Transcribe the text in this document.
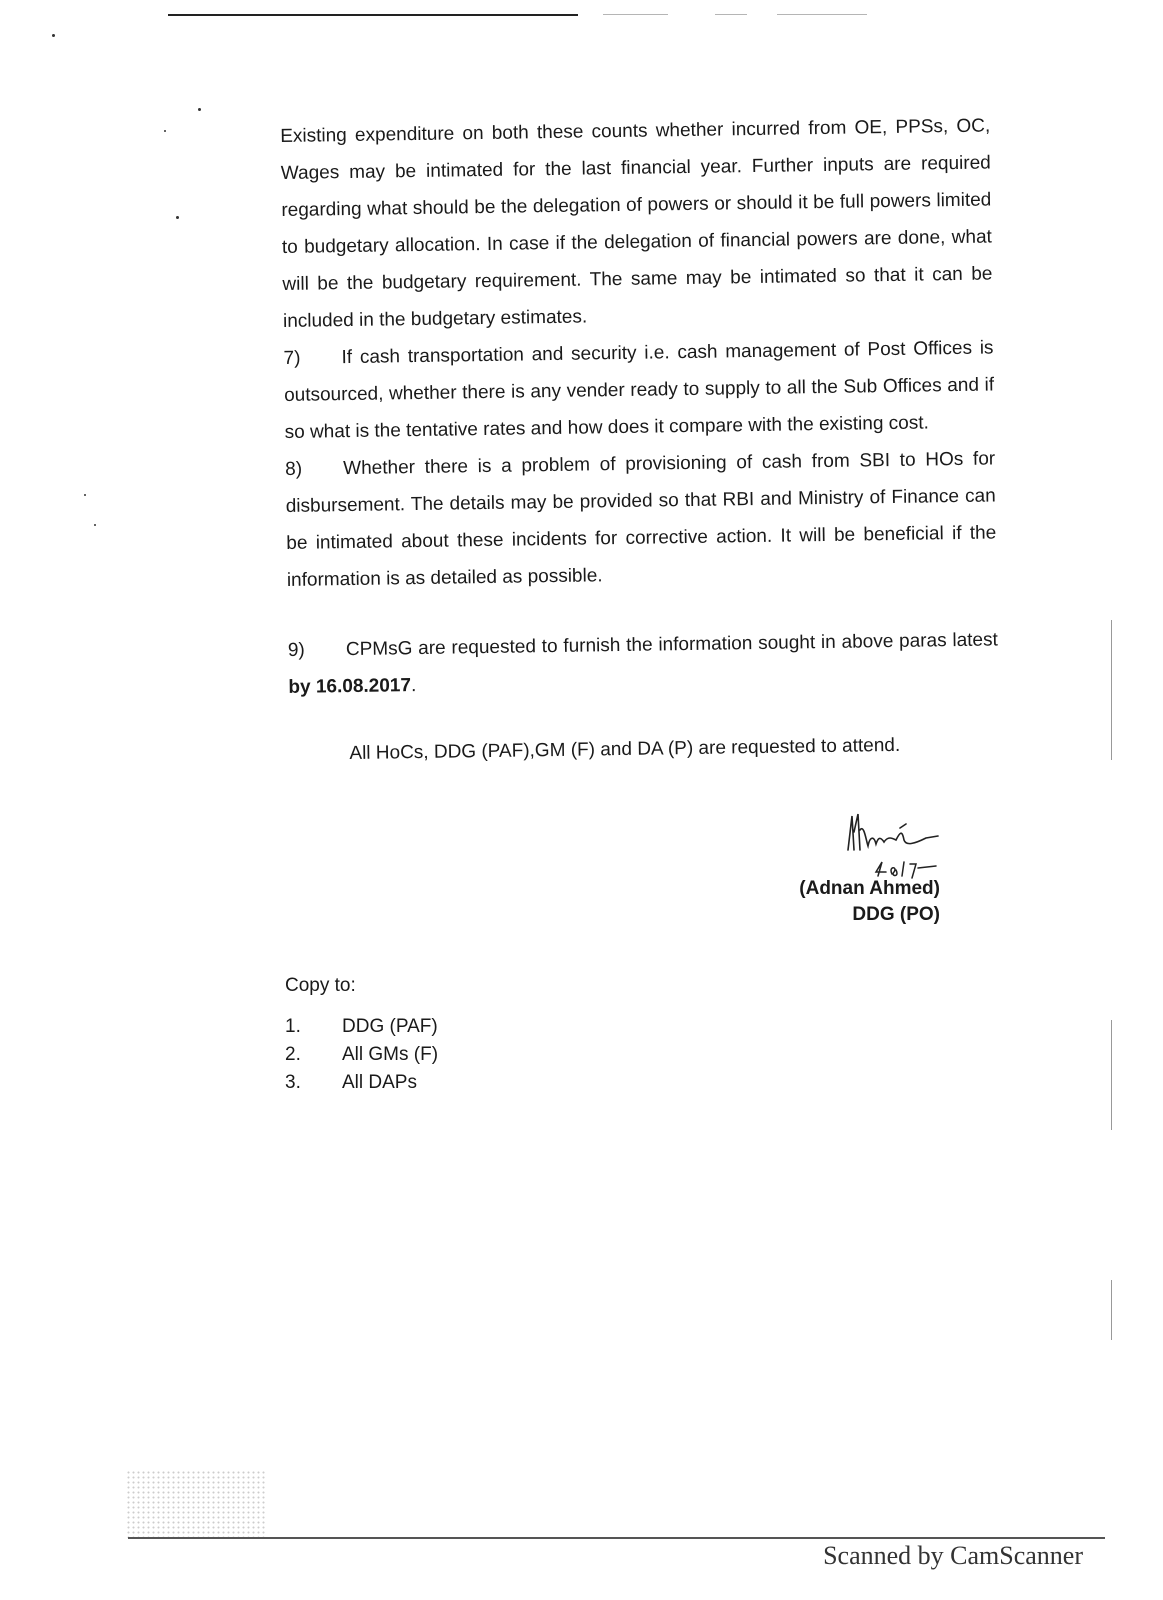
Existing expenditure on both these counts whether incurred from OE, PPSs, OC, Wages may be intimated for the last financial year. Further inputs are required regarding what should be the delegation of powers or should it be full powers limited to budgetary allocation. In case if the delegation of financial powers are done, what will be the budgetary requirement. The same may be intimated so that it can be included in the budgetary estimates.

7) If cash transportation and security i.e. cash management of Post Offices is outsourced, whether there is any vender ready to supply to all the Sub Offices and if so what is the tentative rates and how does it compare with the existing cost.

8) Whether there is a problem of provisioning of cash from SBI to HOs for disbursement. The details may be provided so that RBI and Ministry of Finance can be intimated about these incidents for corrective action. It will be beneficial if the information is as detailed as possible.

9) CPMsG are requested to furnish the information sought in above paras latest by 16.08.2017.

All HoCs, DDG (PAF),GM (F) and DA (P) are requested to attend.

(Adnan Ahmed)
DDG (PO)

Copy to:

1.	DDG (PAF)
2.	All GMs (F)
3.	All DAPs
Scanned by CamScanner
